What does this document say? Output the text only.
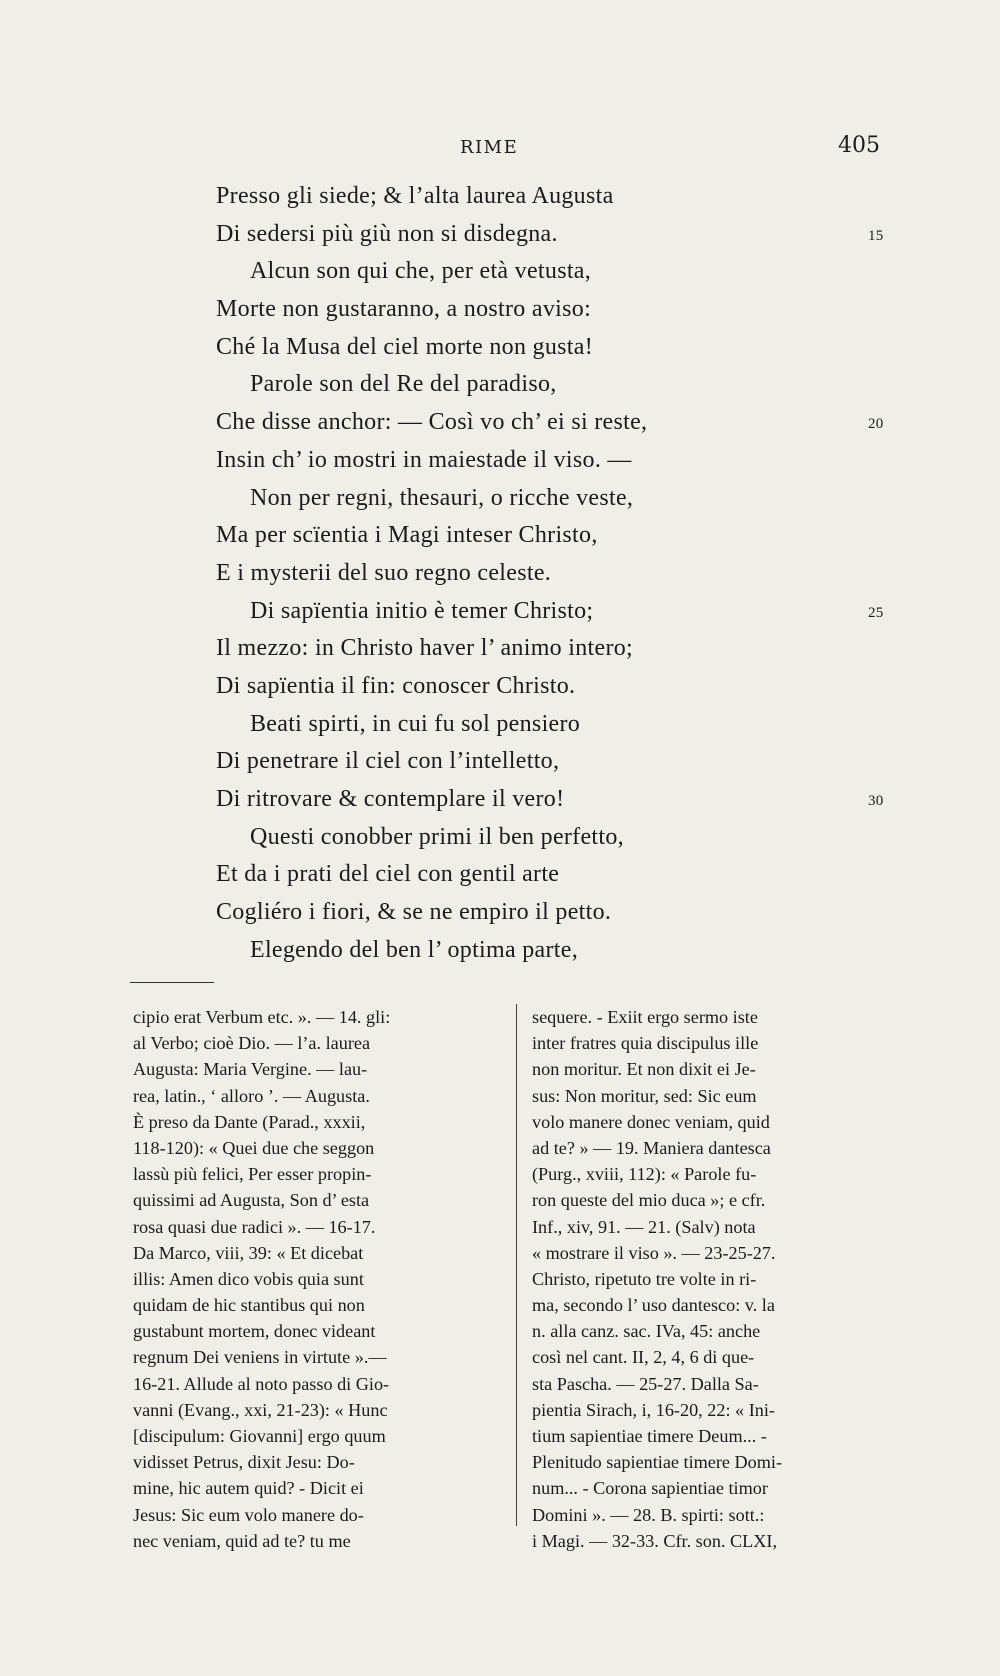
RIME	405
Presso gli siede; & l’alta laurea Augusta
Di sedersi più giù non si disdegna.	15
Alcun son qui che, per età vetusta,
Morte non gustaranno, a nostro aviso:
Ché la Musa del ciel morte non gusta!
Parole son del Re del paradiso,
Che disse anchor: — Così vo ch’ ei si reste,	20
Insin ch’ io mostri in maiestade il viso. —
Non per regni, thesauri, o ricche veste,
Ma per scïentia i Magi inteser Christo,
E i mysterii del suo regno celeste.
Di sapïentia initio è temer Christo;	25
Il mezzo: in Christo haver l’ animo intero;
Di sapïentia il fin: conoscer Christo.
Beati spirti, in cui fu sol pensiero
Di penetrare il ciel con l’intelletto,
Di ritrovare & contemplare il vero!	30
Questi conobber primi il ben perfetto,
Et da i prati del ciel con gentil arte
Cogliéro i fiori, & se ne empiro il petto.
Elegendo del ben l’ optima parte,
cipio erat Verbum etc. ». — 14. gli:
al Verbo; cioè Dio. — l’a. laurea
Augusta: Maria Vergine. — lau-
rea, latin., ‘ alloro ’. — Augusta.
È preso da Dante (Parad., xxxii,
118-120): « Quei due che seggon
lassù più felici, Per esser propin-
quissimi ad Augusta, Son d’ esta
rosa quasi due radici ». — 16-17.
Da Marco, viii, 39: « Et dicebat
illis: Amen dico vobis quia sunt
quidam de hic stantibus qui non
gustabunt mortem, donec videant
regnum Dei veniens in virtute ».—
16-21. Allude al noto passo di Gio-
vanni (Evang., xxi, 21-23): « Hunc
[discipulum: Giovanni] ergo quum
vidisset Petrus, dixit Jesu: Do-
mine, hic autem quid? - Dicit ei
Jesus: Sic eum volo manere do-
nec veniam, quid ad te? tu me
sequere. - Exiit ergo sermo iste
inter fratres quia discipulus ille
non moritur. Et non dixit ei Je-
sus: Non moritur, sed: Sic eum
volo manere donec veniam, quid
ad te? » — 19. Maniera dantesca
(Purg., xviii, 112): « Parole fu-
ron queste del mio duca »; e cfr.
Inf., xiv, 91. — 21. (Salv) nota
« mostrare il viso ». — 23-25-27.
Christo, ripetuto tre volte in ri-
ma, secondo l’ uso dantesco: v. la
n. alla canz. sac. IVa, 45: anche
così nel cant. II, 2, 4, 6 di que-
sta Pascha. — 25-27. Dalla Sa-
pientia Sirach, i, 16-20, 22: « Ini-
tium sapientiae timere Deum... -
Plenitudo sapientiae timere Domi-
num... - Corona sapientiae timor
Domini ». — 28. B. spirti: sott.:
i Magi. — 32-33. Cfr. son. CLXI,
